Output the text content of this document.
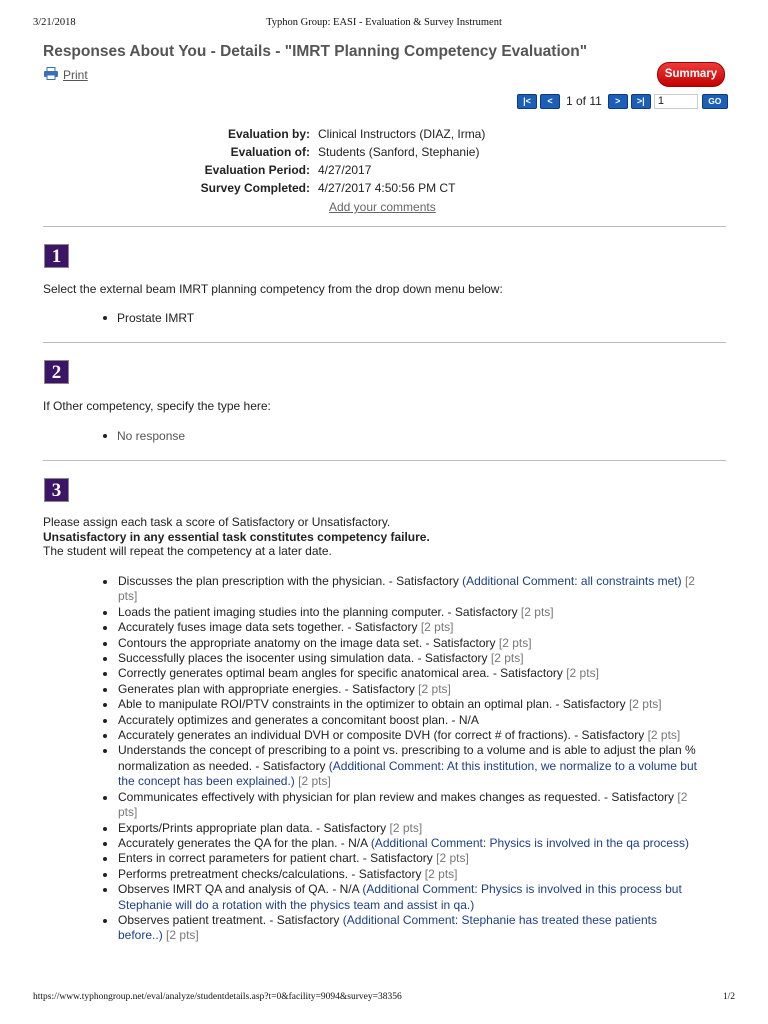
3/21/2018	Typhon Group: EASI - Evaluation & Survey Instrument
Responses About You - Details - "IMRT Planning Competency Evaluation"
Print	Summary
|<	<	1 of 11	>	>|	1	GO
Evaluation by: Clinical Instructors (DIAZ, Irma)
Evaluation of: Students (Sanford, Stephanie)
Evaluation Period: 4/27/2017
Survey Completed: 4/27/2017 4:50:56 PM CT
Add your comments
1
Select the external beam IMRT planning competency from the drop down menu below:
Prostate IMRT
2
If Other competency, specify the type here:
No response
3
Please assign each task a score of Satisfactory or Unsatisfactory.
Unsatisfactory in any essential task constitutes competency failure.
The student will repeat the competency at a later date.
Discusses the plan prescription with the physician. - Satisfactory (Additional Comment: all constraints met) [2 pts]
Loads the patient imaging studies into the planning computer. - Satisfactory [2 pts]
Accurately fuses image data sets together. - Satisfactory [2 pts]
Contours the appropriate anatomy on the image data set. - Satisfactory [2 pts]
Successfully places the isocenter using simulation data. - Satisfactory [2 pts]
Correctly generates optimal beam angles for specific anatomical area. - Satisfactory [2 pts]
Generates plan with appropriate energies. - Satisfactory [2 pts]
Able to manipulate ROI/PTV constraints in the optimizer to obtain an optimal plan. - Satisfactory [2 pts]
Accurately optimizes and generates a concomitant boost plan. - N/A
Accurately generates an individual DVH or composite DVH (for correct # of fractions). - Satisfactory [2 pts]
Understands the concept of prescribing to a point vs. prescribing to a volume and is able to adjust the plan % normalization as needed. - Satisfactory (Additional Comment: At this institution, we normalize to a volume but the concept has been explained.) [2 pts]
Communicates effectively with physician for plan review and makes changes as requested. - Satisfactory [2 pts]
Exports/Prints appropriate plan data. - Satisfactory [2 pts]
Accurately generates the QA for the plan. - N/A (Additional Comment: Physics is involved in the qa process)
Enters in correct parameters for patient chart. - Satisfactory [2 pts]
Performs pretreatment checks/calculations. - Satisfactory [2 pts]
Observes IMRT QA and analysis of QA. - N/A (Additional Comment: Physics is involved in this process but Stephanie will do a rotation with the physics team and assist in qa.)
Observes patient treatment. - Satisfactory (Additional Comment: Stephanie has treated these patients before..) [2 pts]
https://www.typhongroup.net/eval/analyze/studentdetails.asp?t=0&facility=9094&survey=38356	1/2
